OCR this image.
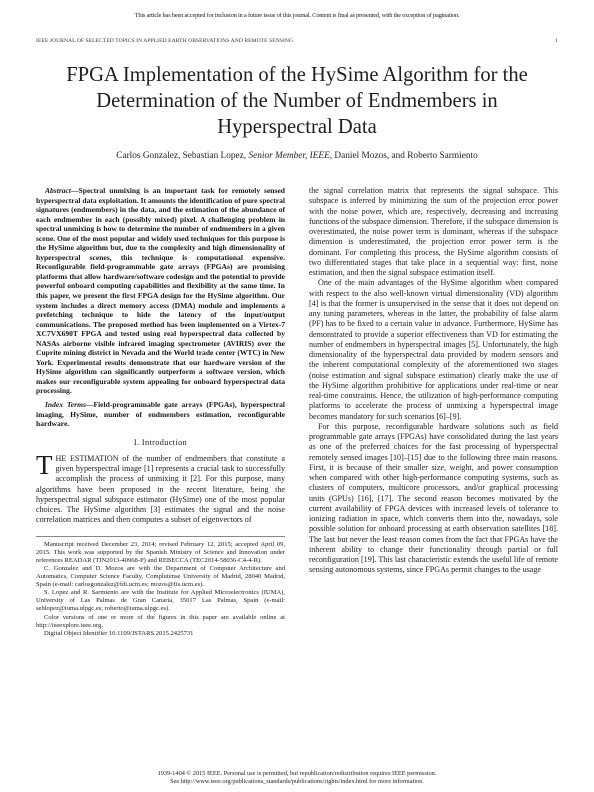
This article has been accepted for inclusion in a future issue of this journal. Content is final as presented, with the exception of pagination.
IEEE JOURNAL OF SELECTED TOPICS IN APPLIED EARTH OBSERVATIONS AND REMOTE SENSING	1
FPGA Implementation of the HySime Algorithm for the Determination of the Number of Endmembers in Hyperspectral Data
Carlos Gonzalez, Sebastian Lopez, Senior Member, IEEE, Daniel Mozos, and Roberto Sarmiento

Abstract—Spectral unmixing is an important task for remotely sensed hyperspectral data exploitation. It amounts the identification of pure spectral signatures (endmembers) in the data, and the estimation of the abundance of each endmember in each (possibly mixed) pixel. A challenging problem in spectral unmixing is how to determine the number of endmembers in a given scene. One of the most popular and widely used techniques for this purpose is the HySime algorithm but, due to the complexity and high dimensionality of hyperspectral scenes, this technique is computational expensive. Reconfigurable field-programmable gate arrays (FPGAs) are promising platforms that allow hardware/software codesign and the potential to provide powerful onboard computing capabilities and flexibility at the same time. In this paper, we present the first FPGA design for the HySime algorithm. Our system includes a direct memory access (DMA) module and implements a prefetching technique to hide the latency of the input/output communications. The proposed method has been implemented on a Virtex-7 XC7VX690T FPGA and tested using real hyperspectral data collected by NASAs airborne visible infrared imaging spectrometer (AVIRIS) over the Cuprite mining district in Nevada and the World trade center (WTC) in New York. Experimental results demonstrate that our hardware version of the HySime algorithm can significantly outperform a software version, which makes our reconfigurable system appealing for onboard hyperspectral data processing.

Index Terms—Field-programmable gate arrays (FPGAs), hyperspectral imaging, HySime, number of endmembers estimation, reconfigurable hardware.

I. Introduction

THE ESTIMATION of the number of endmembers that constitute a given hyperspectral image [1] represents a crucial task to successfully accomplish the process of unmixing it [2]. For this purpose, many algorithms have been proposed in the recent literature, being the hyperspectral signal subspace estimator (HySime) one of the most popular choices. The HySime algorithm [3] estimates the signal and the noise correlation matrices and then computes a subset of eigenvectors of

Manuscript received December 23, 2014; revised February 12, 2015; accepted April 09, 2015. This work was supported by the Spanish Ministry of Science and Innovation under references READAR (TIN2013-40968-P) and REBECCA (TEC2014-58036-C4-4-R).

C. Gonzalez and D. Mozos are with the Department of Computer Architecture and Automatics, Computer Science Faculty, Complutense University of Madrid, 28040 Madrid, Spain (e-mail: carlosgonzalez@fdi.ucm.es; mozos@fis.ucm.es).

S. Lopez and R. Sarmiento are with the Institute for Applied Microelectronics (IUMA), University of Las Palmas de Gran Canaria, 35017 Las Palmas, Spain (e-mail: seblopez@iuma.ulpgc.es; roberto@iuma.ulpgc.es).

Color versions of one or more of the figures in this paper are available online at http://ieeexplore.ieee.org.

Digital Object Identifier 10.1109/JSTARS.2015.2425731

the signal correlation matrix that represents the signal subspace. This subspace is inferred by minimizing the sum of the projection error power with the noise power, which are, respectively, decreasing and increasing functions of the subspace dimension. Therefore, if the subspace dimension is overestimated, the noise power term is dominant, whereas if the subspace dimension is underestimated, the projection error power term is the dominant. For completing this process, the HySime algorithm consists of two differentiated stages that take place in a sequential way: first, noise estimation, and then the signal subspace estimation itself.

One of the main advantages of the HySime algorithm when compared with respect to the also well-known virtual dimensionality (VD) algorithm [4] is that the former is unsupervised in the sense that it does not depend on any tuning parameters, whereas in the latter, the probability of false alarm (PF) has to be fixed to a certain value in advance. Furthermore, HySime has demonstrated to provide a superior effectiveness than VD for estimating the number of endmembers in hyperspectral images [5]. Unfortunately, the high dimensionality of the hyperspectral data provided by modern sensors and the inherent computational complexity of the aforementioned two stages (noise estimation and signal subspace estimation) clearly make the use of the HySime algorithm prohibitive for applications under real-time or near real-time constraints. Hence, the utilization of high-performance computing platforms to accelerate the process of unmixing a hyperspectral image becomes mandatory for such scenarios [6]–[9].

For this purpose, reconfigurable hardware solutions such as field programmable gate arrays (FPGAs) have consolidated during the last years as one of the preferred choices for the fast processing of hyperspectral remotely sensed images [10]–[15] due to the following three main reasons. First, it is because of their smaller size, weight, and power consumption when compared with other high-performance computing systems, such as clusters of computers, multicore processors, and/or graphical processing units (GPUs) [16], [17]. The second reason becomes motivated by the current availability of FPGA devices with increased levels of tolerance to ionizing radiation in space, which converts them into the, nowadays, sole possible solution for onboard processing at earth observation satellites [18]. The last but never the least reason comes from the fact that FPGAs have the inherent ability to change their functionality through partial or full reconfiguration [19]. This last characteristic extends the useful life of remote sensing autonomous systems, since FPGAs permit changes to the usage

1939-1404 © 2015 IEEE. Personal use is permitted, but republication/redistribution requires IEEE permission.
See http://www.ieee.org/publications_standards/publications/rights/index.html for more information.
